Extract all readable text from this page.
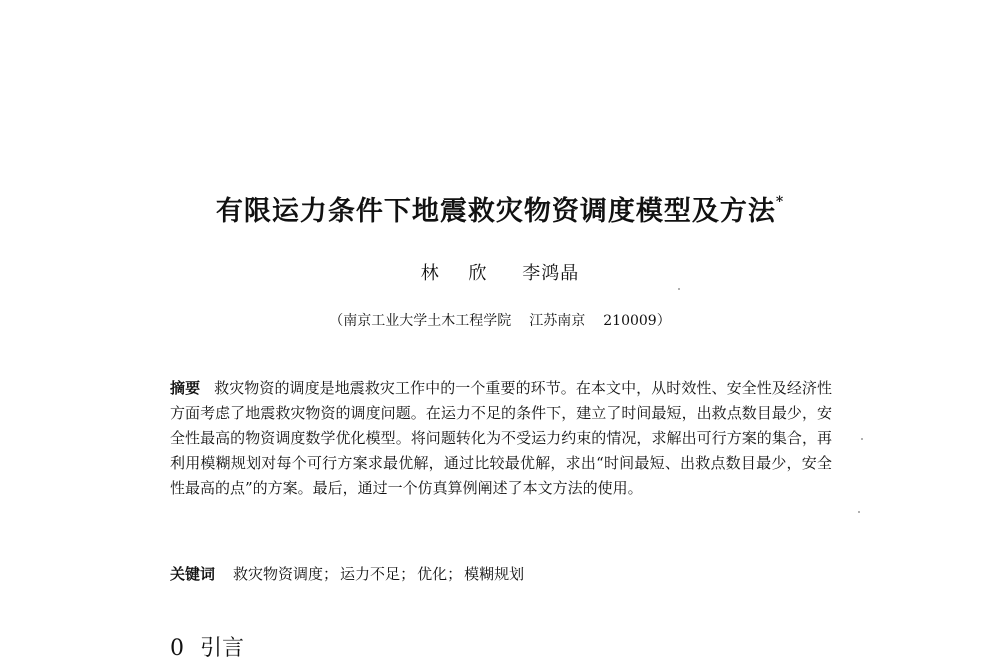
有限运力条件下地震救灾物资调度模型及方法*
林 欣 李鸿晶
（南京工业大学土木工程学院 江苏南京 210009）
摘要 救灾物资的调度是地震救灾工作中的一个重要的环节。在本文中，从时效性、安全性及经济性方面考虑了地震救灾物资的调度问题。在运力不足的条件下，建立了时间最短，出救点数目最少，安全性最高的物资调度数学优化模型。将问题转化为不受运力约束的情况，求解出可行方案的集合，再利用模糊规划对每个可行方案求最优解，通过比较最优解，求出“时间最短、出救点数目最少，安全性最高的点”的方案。最后，通过一个仿真算例阐述了本文方法的使用。
关键词 救灾物资调度； 运力不足； 优化； 模糊规划
0 引言
